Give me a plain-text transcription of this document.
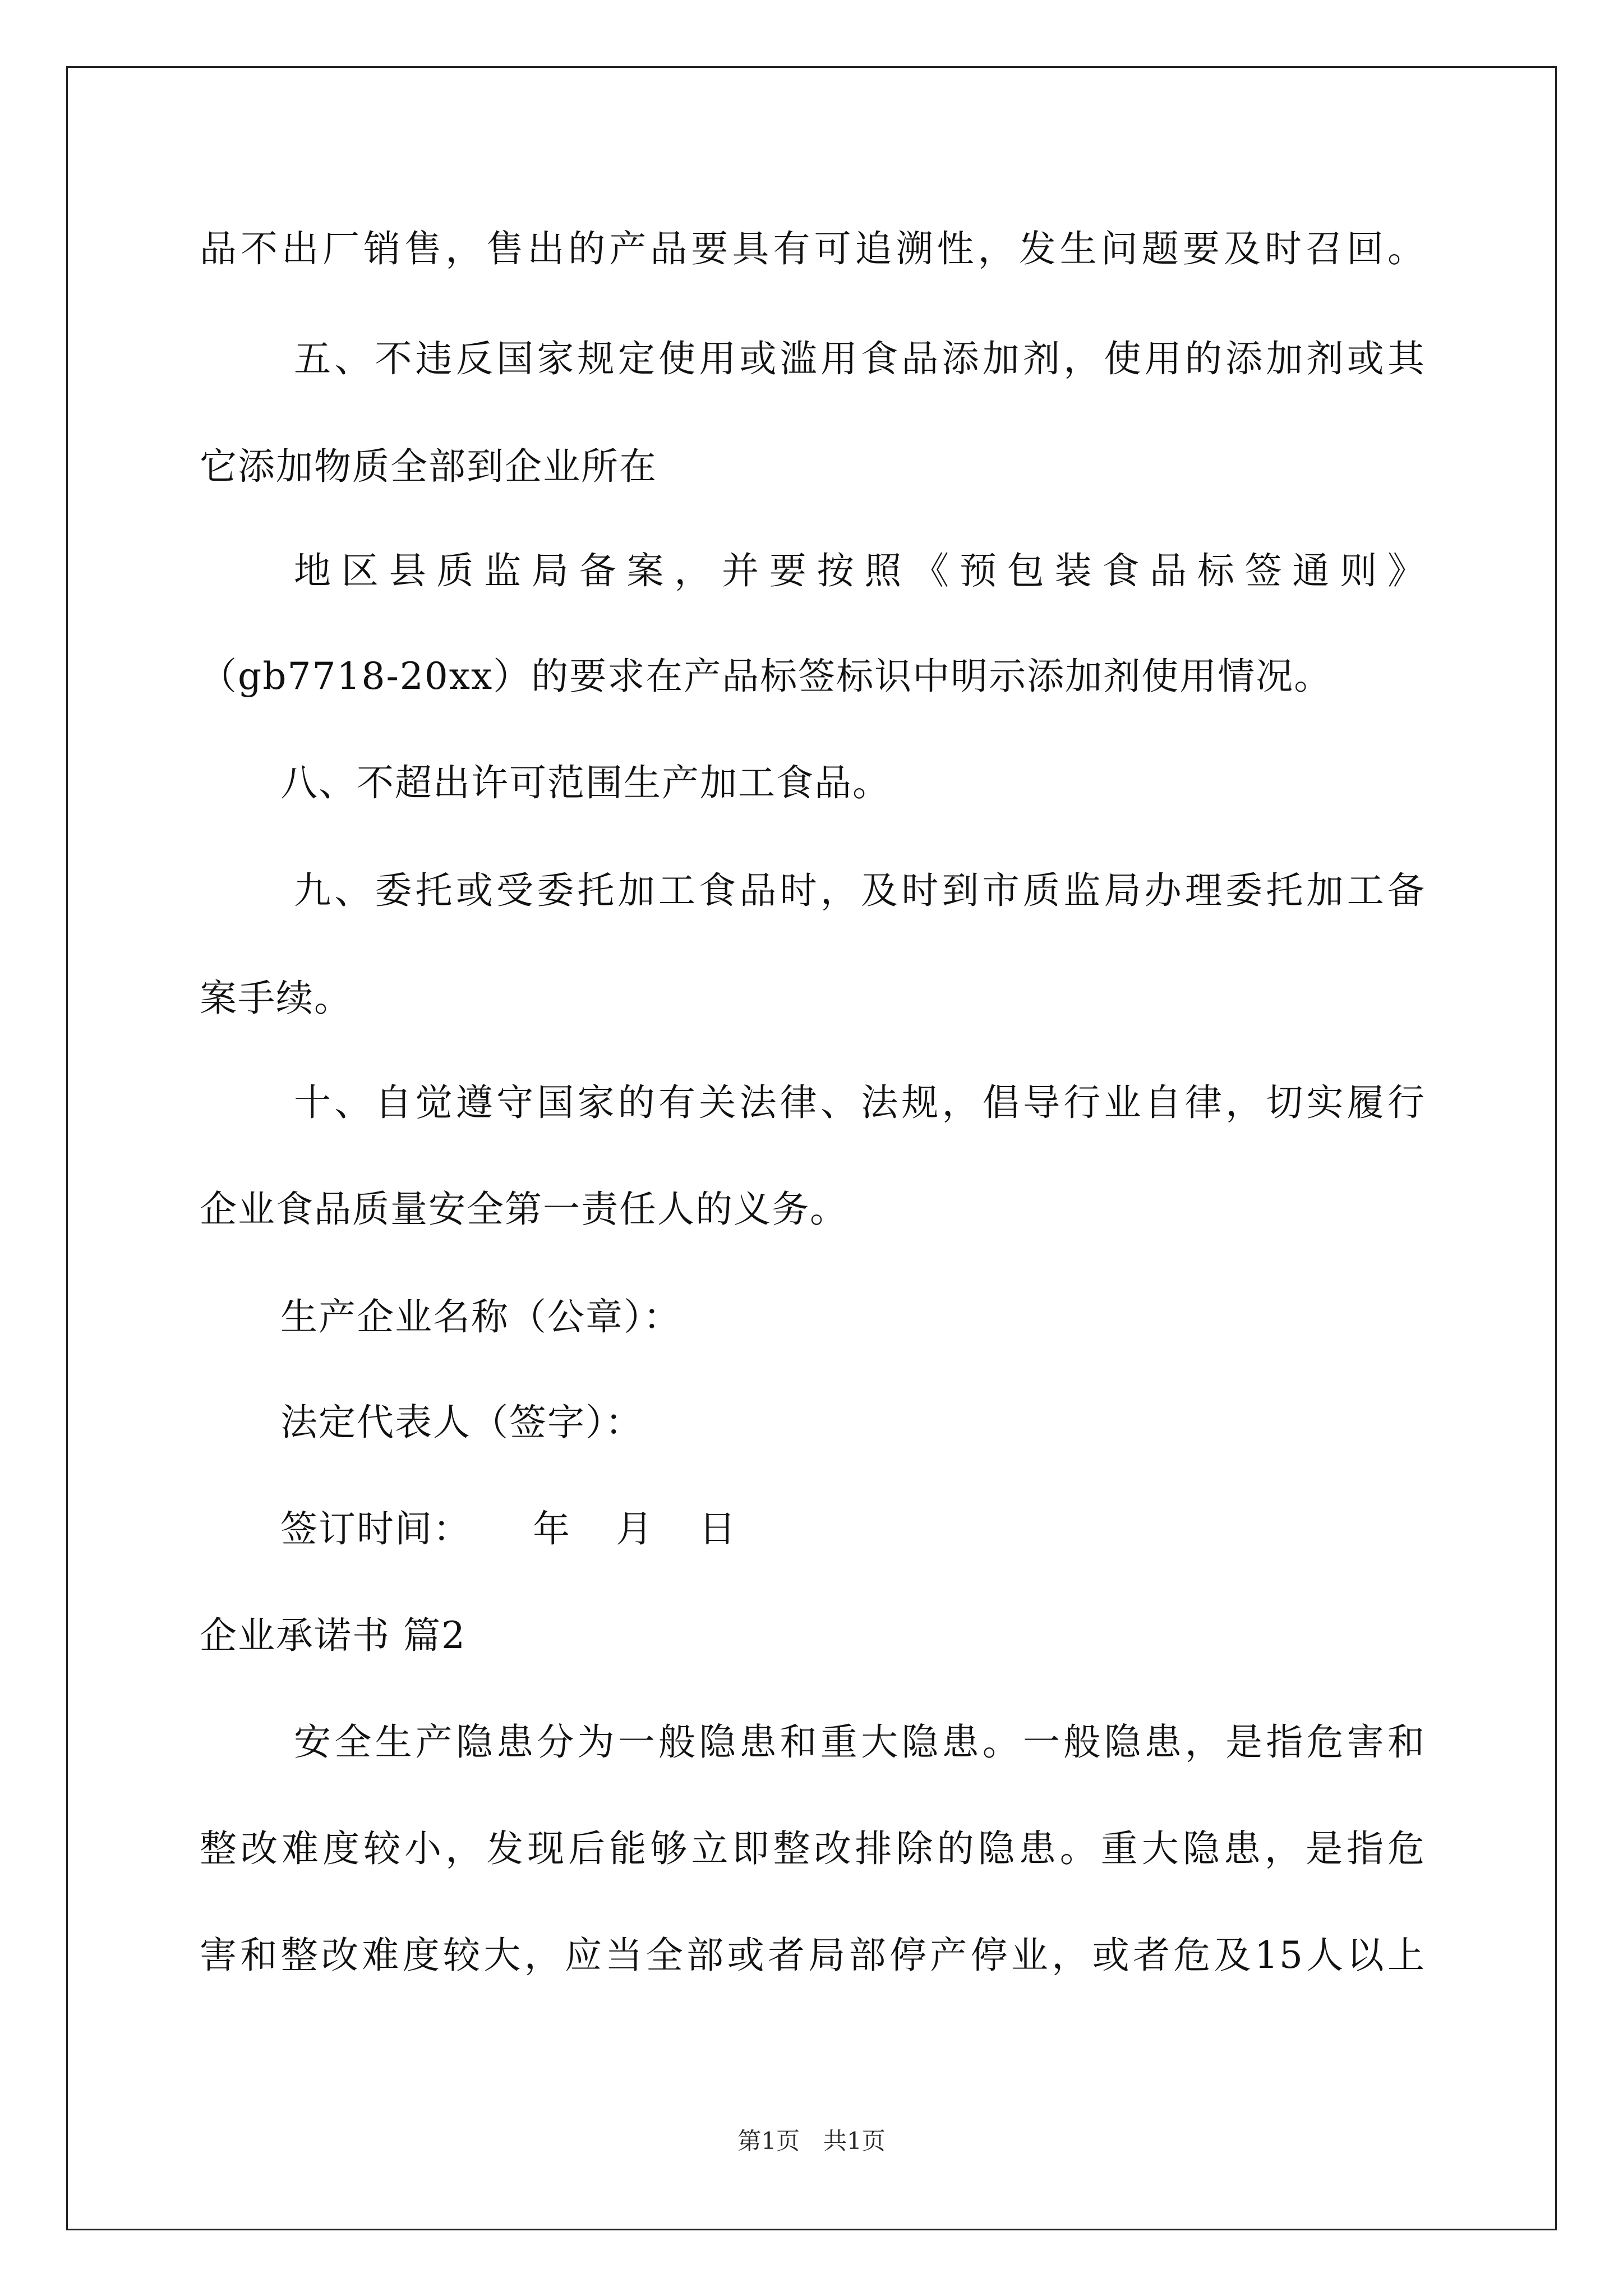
品不出厂销售，售出的产品要具有可追溯性，发生问题要及时召回。
五、不违反国家规定使用或滥用食品添加剂，使用的添加剂或其
它添加物质全部到企业所在
地区县质监局备案，并要按照《预包装食品标签通则》
（gb7718-20xx）的要求在产品标签标识中明示添加剂使用情况。
八、不超出许可范围生产加工食品。
九、委托或受委托加工食品时，及时到市质监局办理委托加工备
案手续。
十、自觉遵守国家的有关法律、法规，倡导行业自律，切实履行
企业食品质量安全第一责任人的义务。
生产企业名称（公章）：
法定代表人（签字）：
签订时间： 年 月 日
企业承诺书 篇2
安全生产隐患分为一般隐患和重大隐患。一般隐患，是指危害和
整改难度较小，发现后能够立即整改排除的隐患。重大隐患，是指危
害和整改难度较大，应当全部或者局部停产停业，或者危及15人以上
第1页　共1页
